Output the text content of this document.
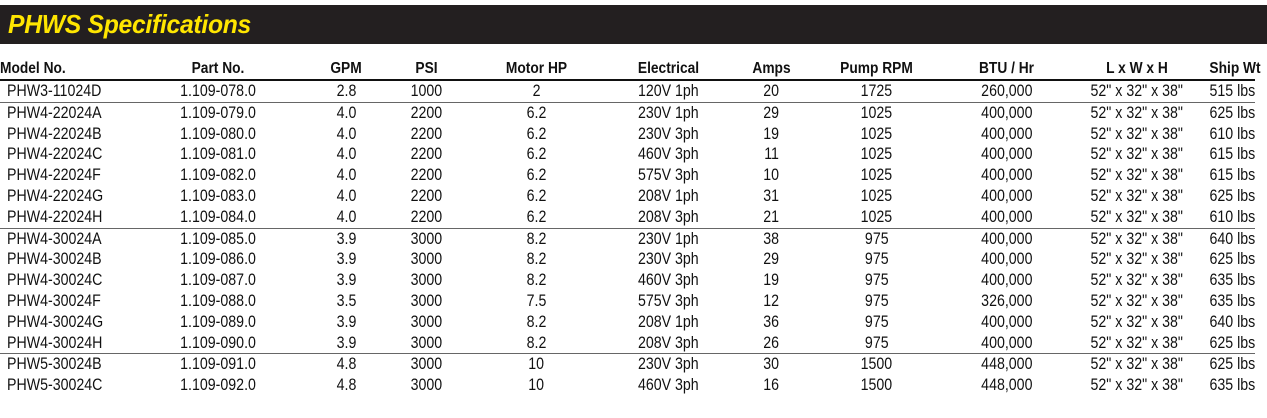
PHWS Specifications
Model No.	Part No.	GPM	PSI	Motor HP	Electrical	Amps	Pump RPM	BTU / Hr	L x W x H	Ship Wt
PHW3-11024D	1.109-078.0	2.8	1000	2	120V 1ph	20	1725	260,000	52" x 32" x 38"	515 lbs
PHW4-22024A	1.109-079.0	4.0	2200	6.2	230V 1ph	29	1025	400,000	52" x 32" x 38"	625 lbs
PHW4-22024B	1.109-080.0	4.0	2200	6.2	230V 3ph	19	1025	400,000	52" x 32" x 38"	610 lbs
PHW4-22024C	1.109-081.0	4.0	2200	6.2	460V 3ph	11	1025	400,000	52" x 32" x 38"	615 lbs
PHW4-22024F	1.109-082.0	4.0	2200	6.2	575V 3ph	10	1025	400,000	52" x 32" x 38"	615 lbs
PHW4-22024G	1.109-083.0	4.0	2200	6.2	208V 1ph	31	1025	400,000	52" x 32" x 38"	625 lbs
PHW4-22024H	1.109-084.0	4.0	2200	6.2	208V 3ph	21	1025	400,000	52" x 32" x 38"	610 lbs
PHW4-30024A	1.109-085.0	3.9	3000	8.2	230V 1ph	38	975	400,000	52" x 32" x 38"	640 lbs
PHW4-30024B	1.109-086.0	3.9	3000	8.2	230V 3ph	29	975	400,000	52" x 32" x 38"	625 lbs
PHW4-30024C	1.109-087.0	3.9	3000	8.2	460V 3ph	19	975	400,000	52" x 32" x 38"	635 lbs
PHW4-30024F	1.109-088.0	3.5	3000	7.5	575V 3ph	12	975	326,000	52" x 32" x 38"	635 lbs
PHW4-30024G	1.109-089.0	3.9	3000	8.2	208V 1ph	36	975	400,000	52" x 32" x 38"	640 lbs
PHW4-30024H	1.109-090.0	3.9	3000	8.2	208V 3ph	26	975	400,000	52" x 32" x 38"	625 lbs
PHW5-30024B	1.109-091.0	4.8	3000	10	230V 3ph	30	1500	448,000	52" x 32" x 38"	625 lbs
PHW5-30024C	1.109-092.0	4.8	3000	10	460V 3ph	16	1500	448,000	52" x 32" x 38"	635 lbs
